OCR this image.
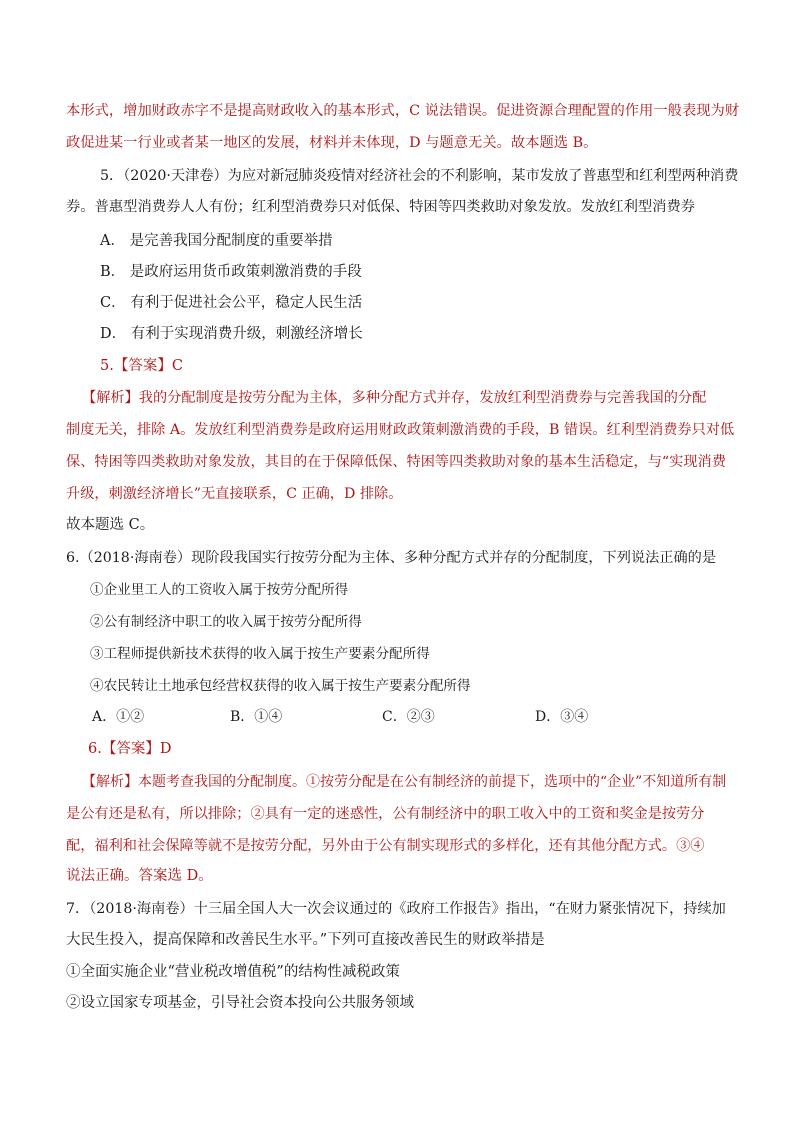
本形式，增加财政赤字不是提高财政收入的基本形式，C 说法错误。促进资源合理配置的作用一般表现为财
政促进某一行业或者某一地区的发展，材料并未体现，D 与题意无关。故本题选 B。
5．（2020·天津卷）为应对新冠肺炎疫情对经济社会的不利影响，某市发放了普惠型和红利型两种消费
券。普惠型消费券人人有份；红利型消费券只对低保、特困等四类救助对象发放。发放红利型消费券
A． 是完善我国分配制度的重要举措
B． 是政府运用货币政策刺激消费的手段
C． 有利于促进社会公平，稳定人民生活
D． 有利于实现消费升级，刺激经济增长
5.【答案】C
【解析】我的分配制度是按劳分配为主体，多种分配方式并存，发放红利型消费券与完善我国的分配
制度无关，排除 A。发放红利型消费券是政府运用财政政策刺激消费的手段，B 错误。红利型消费券只对低
保、特困等四类救助对象发放，其目的在于保障低保、特困等四类救助对象的基本生活稳定，与“实现消费
升级，刺激经济增长”无直接联系，C 正确，D 排除。
故本题选 C。
6.（2018·海南卷）现阶段我国实行按劳分配为主体、多种分配方式并存的分配制度，下列说法正确的是
①企业里工人的工资收入属于按劳分配所得
②公有制经济中职工的收入属于按劳分配所得
③工程师提供新技术获得的收入属于按生产要素分配所得
④农民转让土地承包经营权获得的收入属于按生产要素分配所得
A．①②	B．①④	C．②③	D．③④
6.【答案】D
【解析】本题考查我国的分配制度。①按劳分配是在公有制经济的前提下，选项中的“企业”不知道所有制
是公有还是私有，所以排除；②具有一定的迷惑性，公有制经济中的职工收入中的工资和奖金是按劳分
配，福利和社会保障等就不是按劳分配，另外由于公有制实现形式的多样化，还有其他分配方式。③④
说法正确。答案选 D。
7．（2018·海南卷）十三届全国人大一次会议通过的《政府工作报告》指出，“在财力紧张情况下，持续加
大民生投入，提高保障和改善民生水平。”下列可直接改善民生的财政举措是
①全面实施企业“营业税改增值税”的结构性减税政策
②设立国家专项基金，引导社会资本投向公共服务领域
